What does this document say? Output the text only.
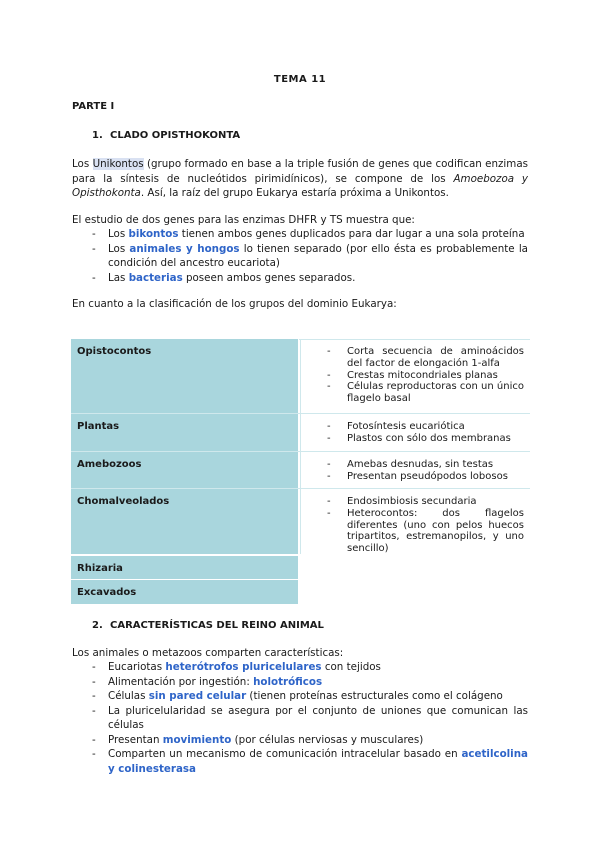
TEMA 11
PARTE I
1. CLADO OPISTHOKONTA
Los Unikontos (grupo formado en base a la triple fusión de genes que codifican enzimas para la síntesis de nucleótidos pirimidínicos), se compone de los Amoebozoa y Opisthokonta. Así, la raíz del grupo Eukarya estaría próxima a Unikontos.
El estudio de dos genes para las enzimas DHFR y TS muestra que:
- Los bikontos tienen ambos genes duplicados para dar lugar a una sola proteína
- Los animales y hongos lo tienen separado (por ello ésta es probablemente la condición del ancestro eucariota)
- Las bacterias poseen ambos genes separados.
En cuanto a la clasificación de los grupos del dominio Eukarya:
Opistocontos	- Corta secuencia de aminoácidos del factor de elongación 1-alfa
- Crestas mitocondriales planas
- Células reproductoras con un único flagelo basal
Plantas	- Fotosíntesis eucariótica
- Plastos con sólo dos membranas
Amebozoos	- Amebas desnudas, sin testas
- Presentan pseudópodos lobosos
Chomalveolados	- Endosimbiosis secundaria
- Heterocontos: dos flagelos diferentes (uno con pelos huecos tripartitos, estremanopilos, y uno sencillo)
Rhizaria
Excavados
2. CARACTERÍSTICAS DEL REINO ANIMAL
Los animales o metazoos comparten características:
- Eucariotas heterótrofos pluricelulares con tejidos
- Alimentación por ingestión: holotróficos
- Células sin pared celular (tienen proteínas estructurales como el colágeno
- La pluricelularidad se asegura por el conjunto de uniones que comunican las células
- Presentan movimiento (por células nerviosas y musculares)
- Comparten un mecanismo de comunicación intracelular basado en acetilcolina y colinesterasa
